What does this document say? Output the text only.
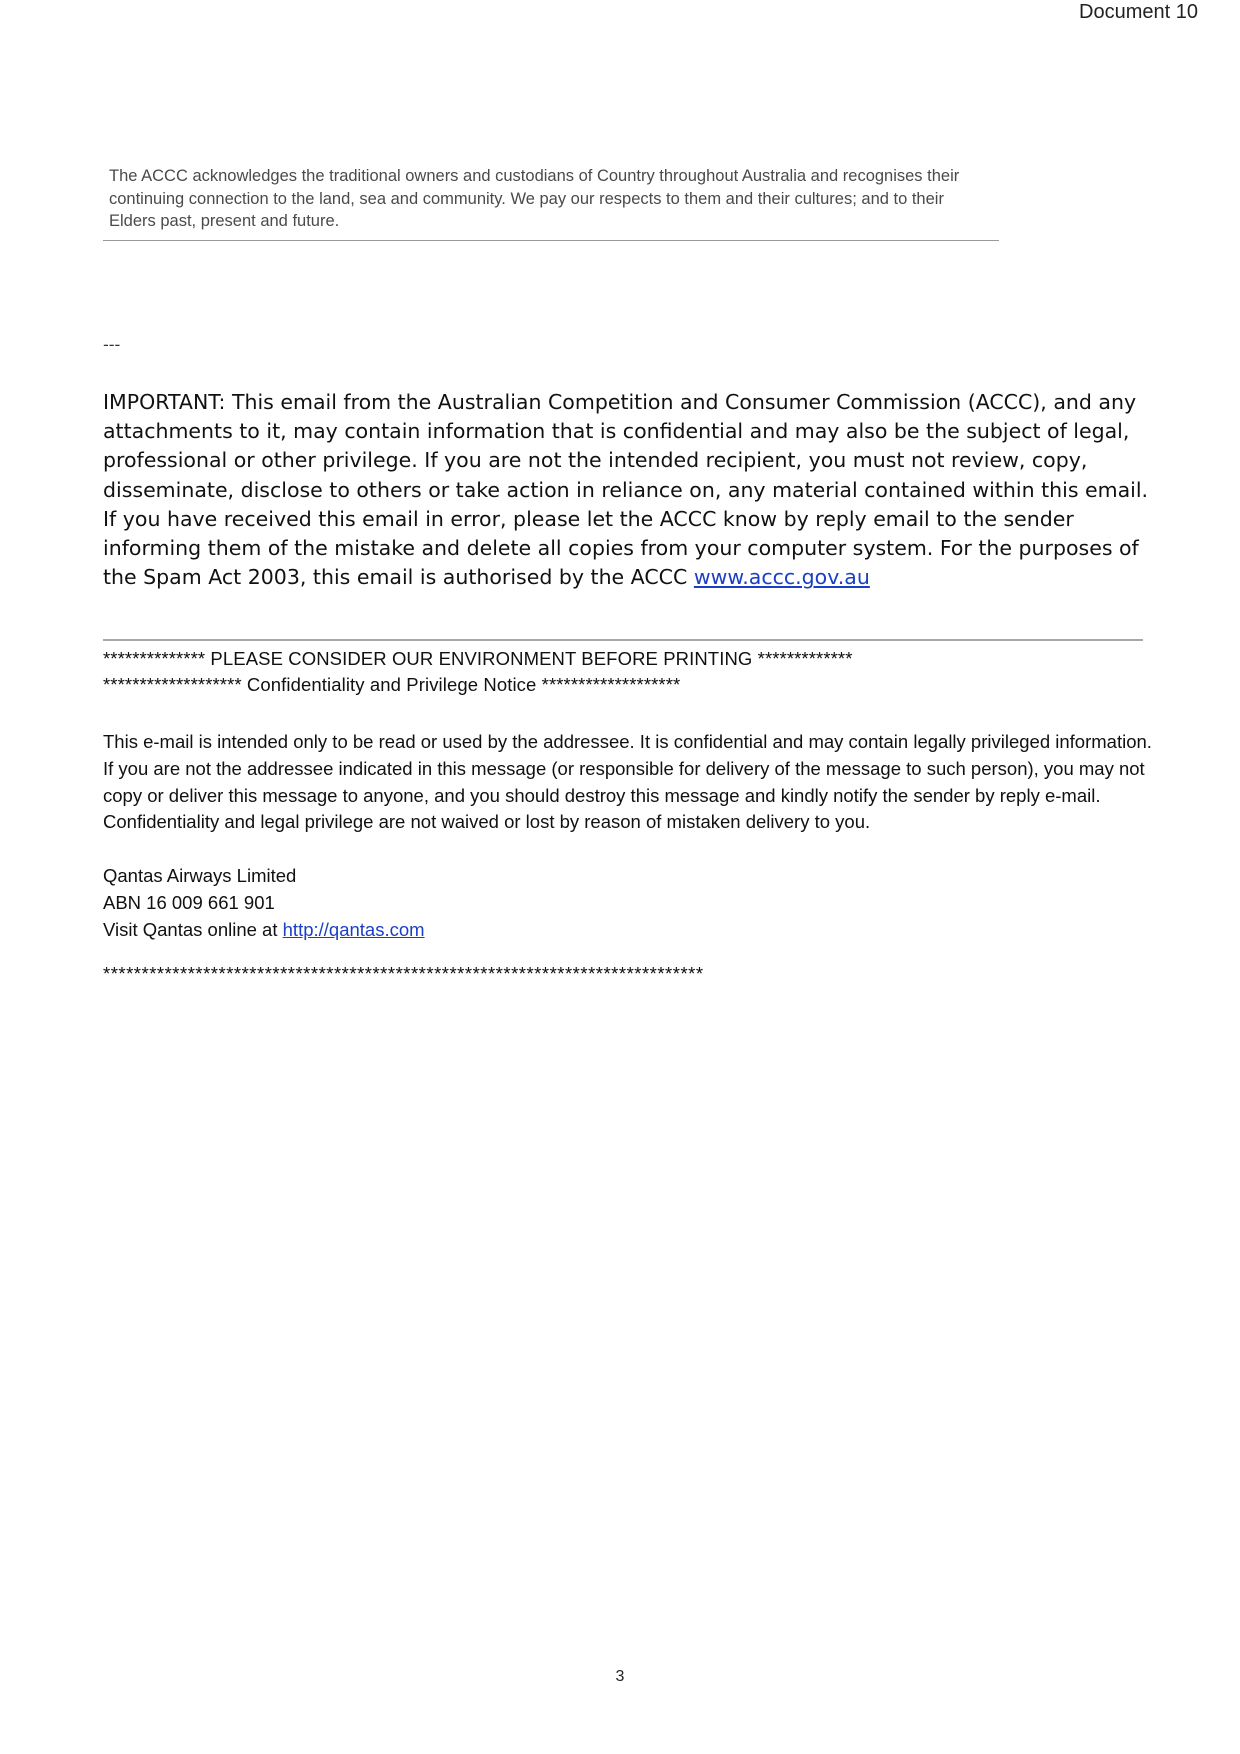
Document 10
The ACCC acknowledges the traditional owners and custodians of Country throughout Australia and recognises their continuing connection to the land, sea and community. We pay our respects to them and their cultures; and to their Elders past, present and future.
---
IMPORTANT: This email from the Australian Competition and Consumer Commission (ACCC), and any attachments to it, may contain information that is confidential and may also be the subject of legal, professional or other privilege. If you are not the intended recipient, you must not review, copy, disseminate, disclose to others or take action in reliance on, any material contained within this email. If you have received this email in error, please let the ACCC know by reply email to the sender informing them of the mistake and delete all copies from your computer system. For the purposes of the Spam Act 2003, this email is authorised by the ACCC www.accc.gov.au
************** PLEASE CONSIDER OUR ENVIRONMENT BEFORE PRINTING *************
******************* Confidentiality and Privilege Notice *******************

This e-mail is intended only to be read or used by the addressee. It is confidential and may contain legally privileged information. If you are not the addressee indicated in this message (or responsible for delivery of the message to such person), you may not copy or deliver this message to anyone, and you should destroy this message and kindly notify the sender by reply e-mail. Confidentiality and legal privilege are not waived or lost by reason of mistaken delivery to you.

Qantas Airways Limited

ABN 16 009 661 901

Visit Qantas online at http://qantas.com

******************************************************************************
3
